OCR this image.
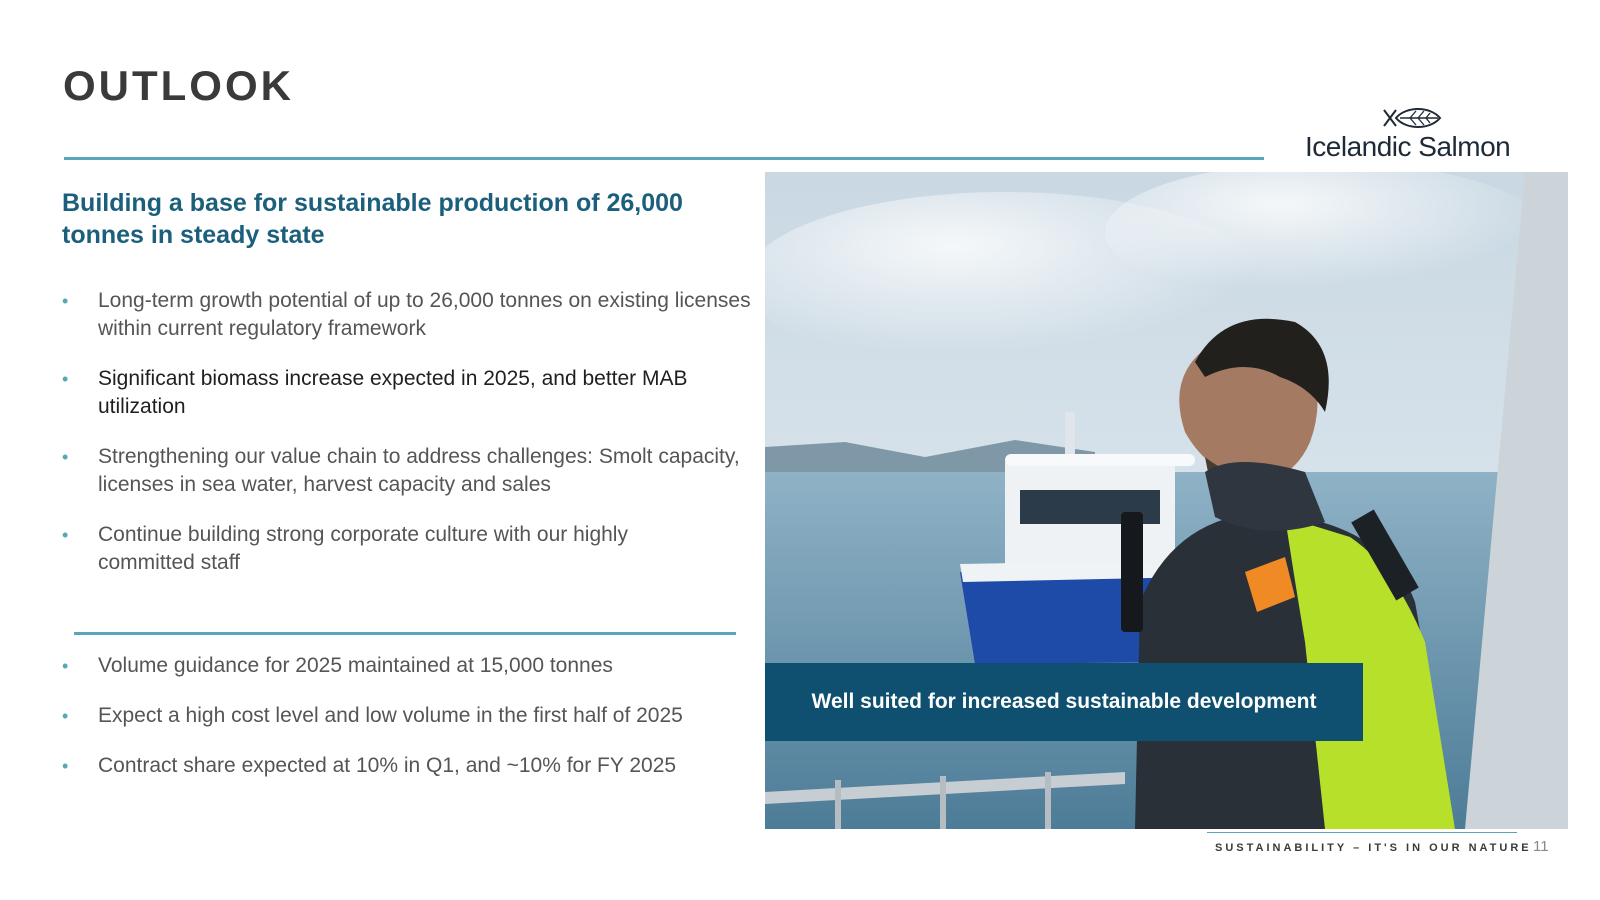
OUTLOOK
Icelandic Salmon
Building a base for sustainable production of 26,000 tonnes in steady state
• Long-term growth potential of up to 26,000 tonnes on existing licenses within current regulatory framework
• Significant biomass increase expected in 2025, and better MAB utilization
• Strengthening our value chain to address challenges: Smolt capacity, licenses in sea water, harvest capacity and sales
• Continue building strong corporate culture with our highly committed staff
• Volume guidance for 2025 maintained at 15,000 tonnes
• Expect a high cost level and low volume in the first half of 2025
• Contract share expected at 10% in Q1, and ~10% for FY 2025
Well suited for increased sustainable development
SUSTAINABILITY – IT'S IN OUR NATURE 11
